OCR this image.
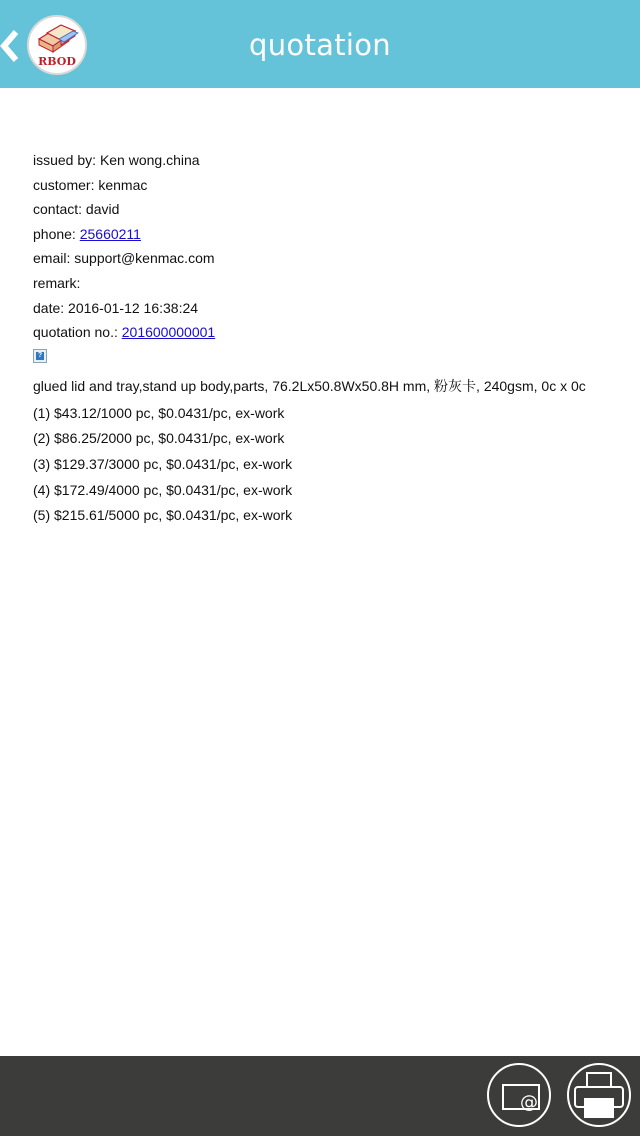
RBOD	quotation
issued by: Ken wong.china
customer: kenmac
contact: david
phone: 25660211
email: support@kenmac.com
remark:
date: 2016-01-12 16:38:24
quotation no.: 201600000001
?
glued lid and tray,stand up body,parts, 76.2Lx50.8Wx50.8H mm, 粉灰卡, 240gsm, 0c x 0c
(1) $43.12/1000 pc, $0.0431/pc, ex-work
(2) $86.25/2000 pc, $0.0431/pc, ex-work
(3) $129.37/3000 pc, $0.0431/pc, ex-work
(4) $172.49/4000 pc, $0.0431/pc, ex-work
(5) $215.61/5000 pc, $0.0431/pc, ex-work
@
